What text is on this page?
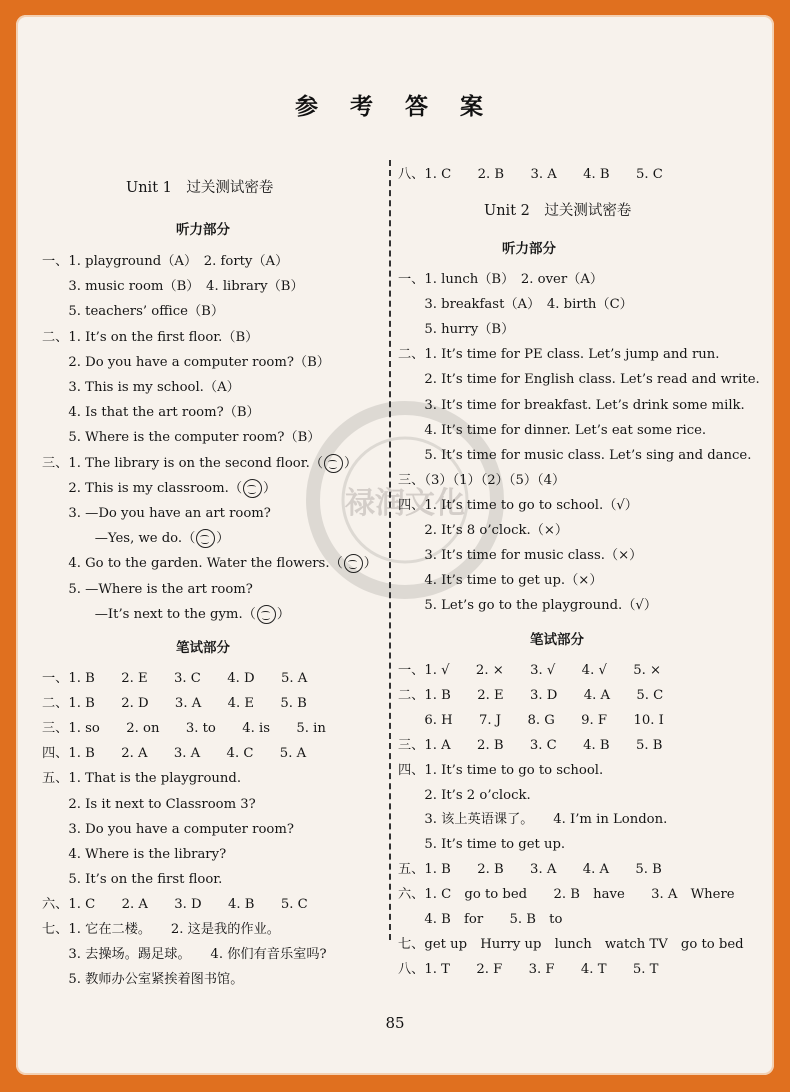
参 考 答 案
禄润文化
Unit 1　过关测试密卷
听力部分
一、1. playground（A）　2. forty（A）
　　3. music room（B）　4. library（B）
　　5. teachers’ office（B）
二、1. It’s on the first floor.（B）
　　2. Do you have a computer room?（B）
　　3. This is my school.（A）
　　4. Is that the art room?（B）
　　5. Where is the computer room?（B）
三、1. The library is on the second floor.（ ）
　　2. This is my classroom.（ ）
　　3. —Do you have an art room?
　　　　—Yes, we do.（ ）
　　4. Go to the garden. Water the flowers.（ ）
　　5. —Where is the art room?
　　　　—It’s next to the gym.（ ）
笔试部分
一、1. B　　2. E　　3. C　　4. D　　5. A
二、1. B　　2. D　　3. A　　4. E　　5. B
三、1. so　　2. on　　3. to　　4. is　　5. in
四、1. B　　2. A　　3. A　　4. C　　5. A
五、1. That is the playground.
　　2. Is it next to Classroom 3?
　　3. Do you have a computer room?
　　4. Where is the library?
　　5. It’s on the first floor.
六、1. C　　2. A　　3. D　　4. B　　5. C
七、1. 它在二楼。　　2. 这是我的作业。
　　3. 去操场。踢足球。　　4. 你们有音乐室吗?
　　5. 教师办公室紧挨着图书馆。
八、1. C　　2. B　　3. A　　4. B　　5. C
Unit 2　过关测试密卷
听力部分
一、1. lunch（B）　2. over（A）
　　3. breakfast（A）　4. birth（C）
　　5. hurry（B）
二、1. It’s time for PE class. Let’s jump and run.
　　2. It’s time for English class. Let’s read and write.
　　3. It’s time for breakfast. Let’s drink some milk.
　　4. It’s time for dinner. Let’s eat some rice.
　　5. It’s time for music class. Let’s sing and dance.
三、（3）（1）（2）（5）（4）
四、1. It’s time to go to school.（√）
　　2. It’s 8 o’clock.（×）
　　3. It’s time for music class.（×）
　　4. It’s time to get up.（×）
　　5. Let’s go to the playground.（√）
笔试部分
一、1. √　　2. ×　　3. √　　4. √　　5. ×
二、1. B　　2. E　　3. D　　4. A　　5. C
　　6. H　　7. J　　8. G　　9. F　　10. I
三、1. A　　2. B　　3. C　　4. B　　5. B
四、1. It’s time to go to school.
　　2. It’s 2 o’clock.
　　3. 该上英语课了。　　4. I’m in London.
　　5. It’s time to get up.
五、1. B　　2. B　　3. A　　4. A　　5. B
六、1. C　go to bed　　2. B　have　　3. A　Where
　　4. B　for　　5. B　to
七、get up　Hurry up　lunch　watch TV　go to bed
八、1. T　　2. F　　3. F　　4. T　　5. T
85
